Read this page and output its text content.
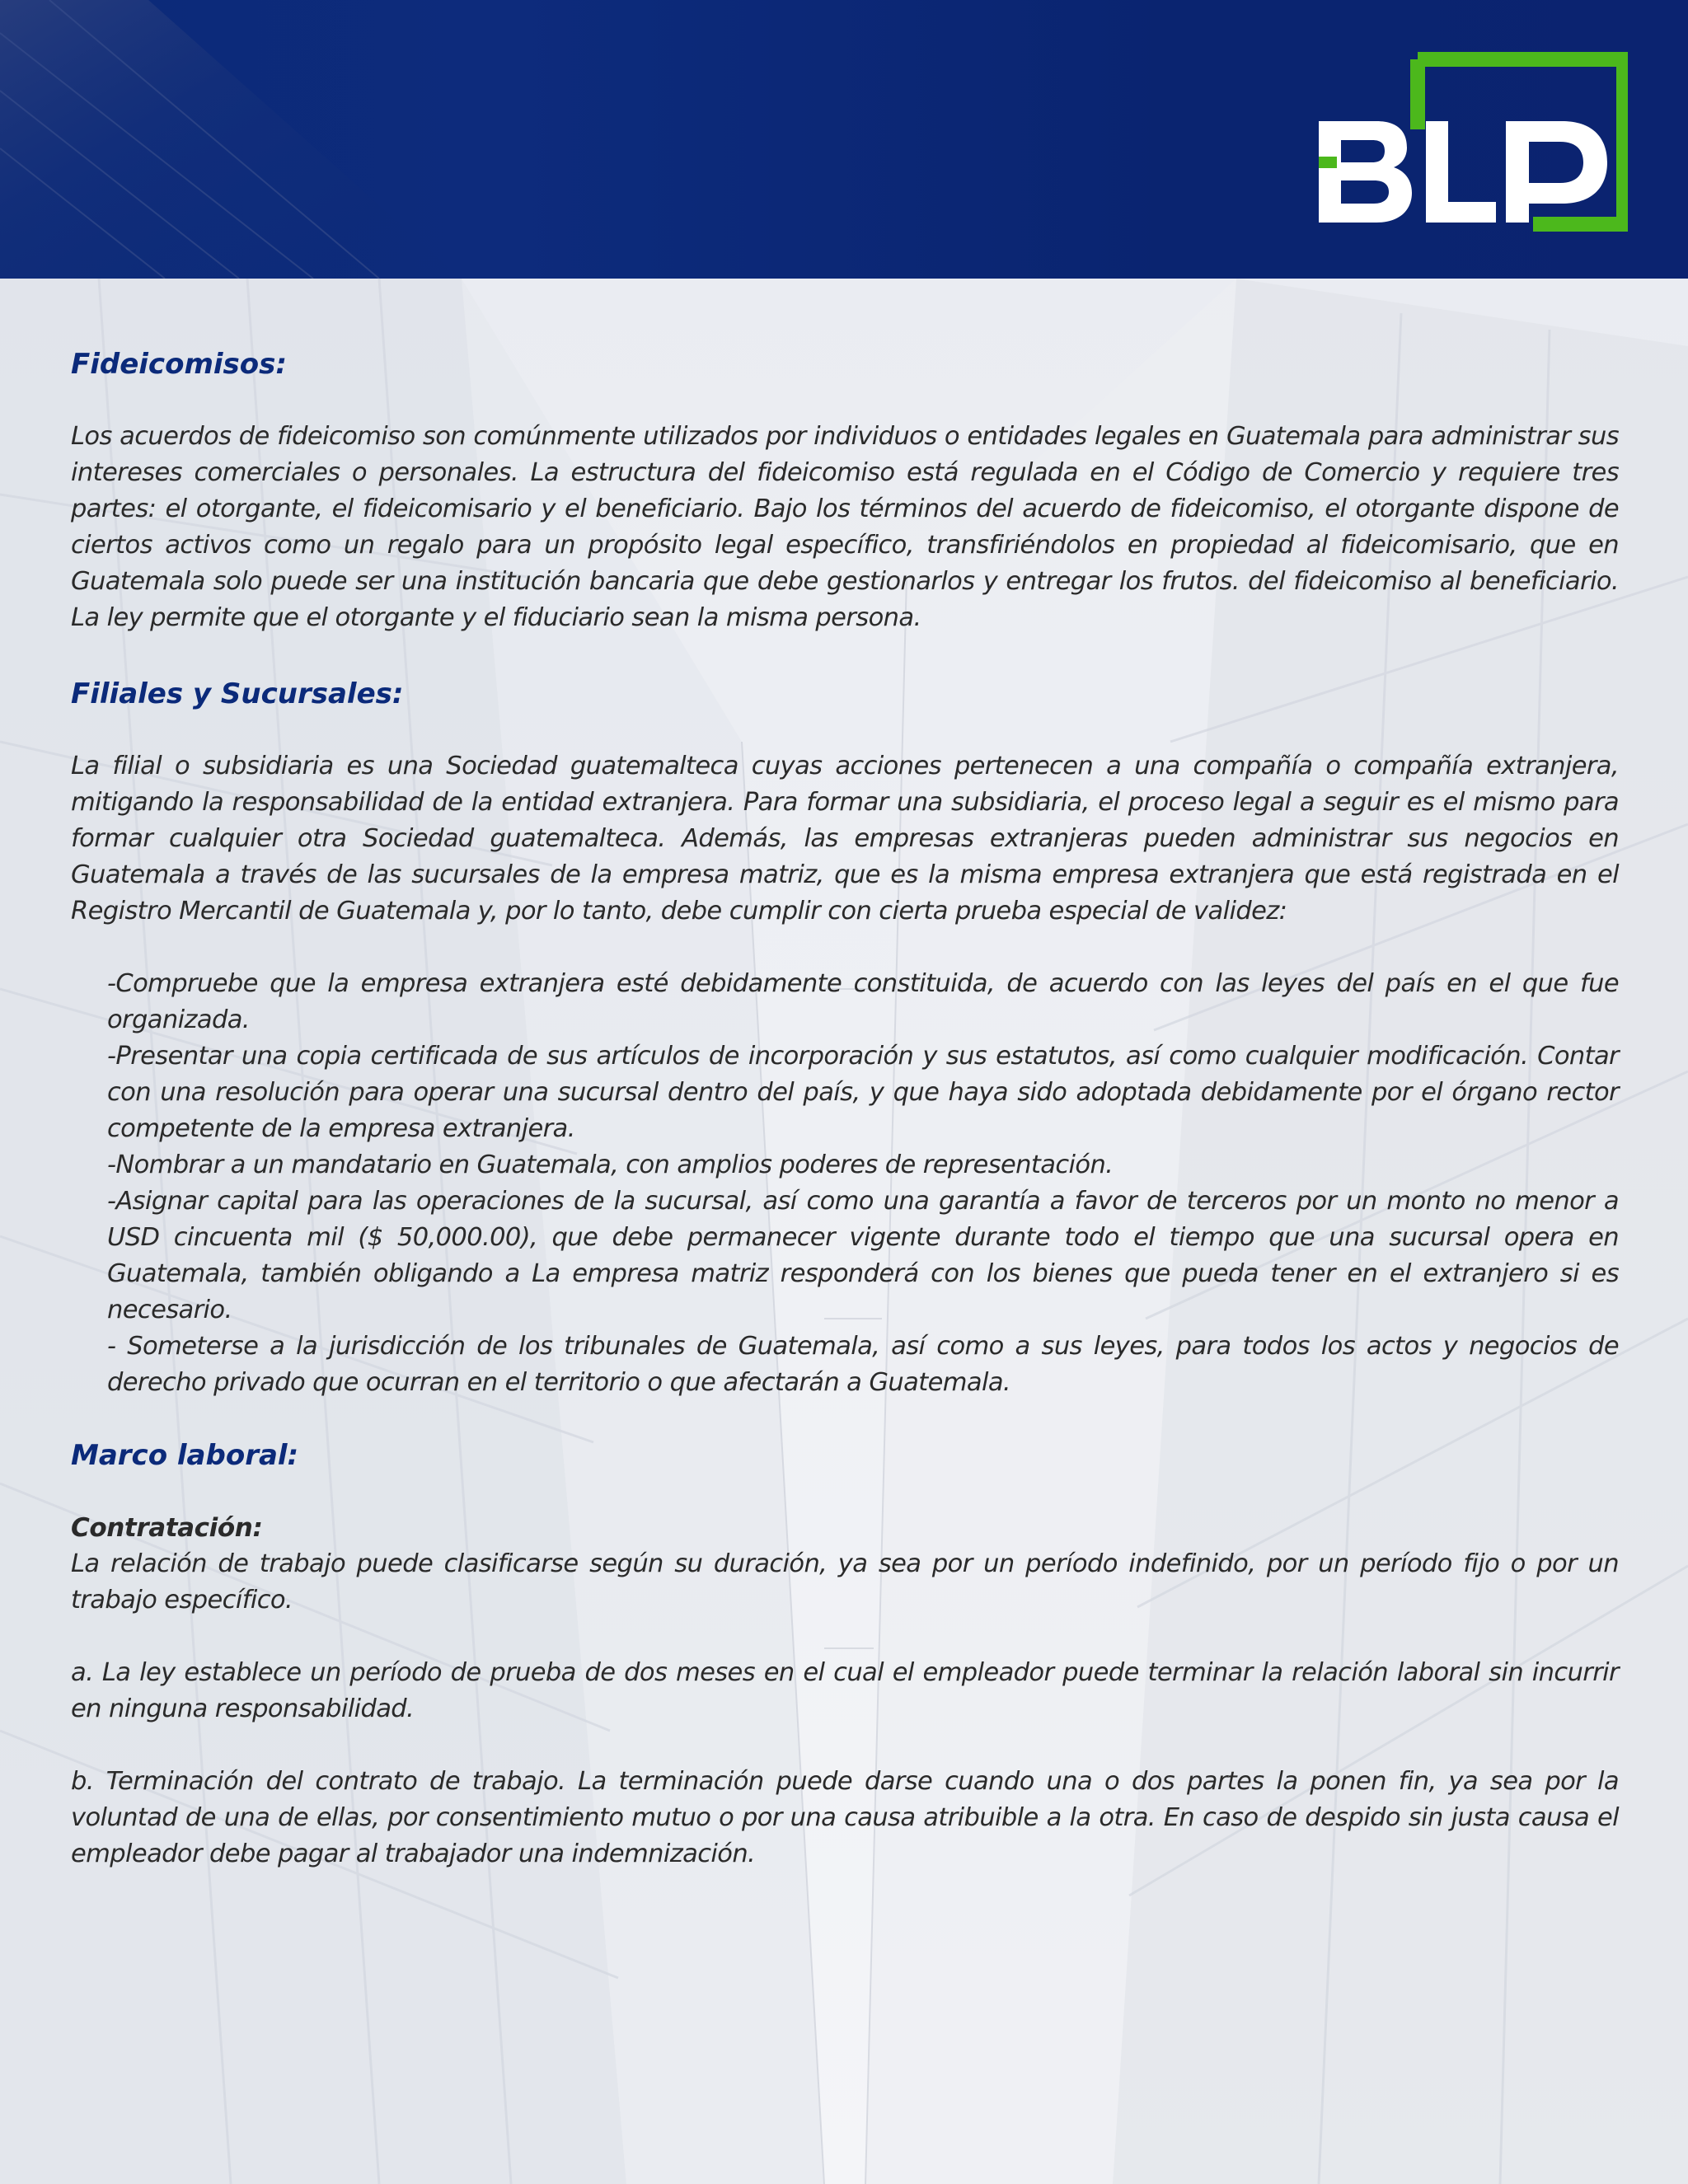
BLP
Fideicomisos:

Los acuerdos de fideicomiso son comúnmente utilizados por individuos o entidades legales en Guatemala para administrar sus intereses comerciales o personales. La estructura del fideicomiso está regulada en el Código de Comercio y requiere tres partes: el otorgante, el fideicomisario y el beneficiario. Bajo los términos del acuerdo de fideicomiso, el otorgante dispone de ciertos activos como un regalo para un propósito legal específico, transfiriéndolos en propiedad al fideicomisario, que en Guatemala solo puede ser una institución bancaria que debe gestionarlos y entregar los frutos. del fideicomiso al beneficiario. La ley permite que el otorgante y el fiduciario sean la misma persona.

Filiales y Sucursales:

La filial o subsidiaria es una Sociedad guatemalteca cuyas acciones pertenecen a una compañía o compañía extranjera, mitigando la responsabilidad de la entidad extranjera. Para formar una subsidiaria, el proceso legal a seguir es el mismo para formar cualquier otra Sociedad guatemalteca. Además, las empresas extranjeras pueden administrar sus negocios en Guatemala a través de las sucursales de la empresa matriz, que es la misma empresa extranjera que está registrada en el Registro Mercantil de Guatemala y, por lo tanto, debe cumplir con cierta prueba especial de validez:

-Compruebe que la empresa extranjera esté debidamente constituida, de acuerdo con las leyes del país en el que fue organizada.

-Presentar una copia certificada de sus artículos de incorporación y sus estatutos, así como cualquier modificación. Contar con una resolución para operar una sucursal dentro del país, y que haya sido adoptada debidamente por el órgano rector competente de la empresa extranjera.

-Nombrar a un mandatario en Guatemala, con amplios poderes de representación.

-Asignar capital para las operaciones de la sucursal, así como una garantía a favor de terceros por un monto no menor a USD cincuenta mil ($ 50,000.00), que debe permanecer vigente durante todo el tiempo que una sucursal opera en Guatemala, también obligando a La empresa matriz responderá con los bienes que pueda tener en el extranjero si es necesario.

- Someterse a la jurisdicción de los tribunales de Guatemala, así como a sus leyes, para todos los actos y negocios de derecho privado que ocurran en el territorio o que afectarán a Guatemala.

Marco laboral:

Contratación:

La relación de trabajo puede clasificarse según su duración, ya sea por un período indefinido, por un período fijo o por un trabajo específico.

a. La ley establece un período de prueba de dos meses en el cual el empleador puede terminar la relación laboral sin incurrir en ninguna responsabilidad.

b. Terminación del contrato de trabajo. La terminación puede darse cuando una o dos partes la ponen fin, ya sea por la voluntad de una de ellas, por consentimiento mutuo o por una causa atribuible a la otra. En caso de despido sin justa causa el empleador debe pagar al trabajador una indemnización.
